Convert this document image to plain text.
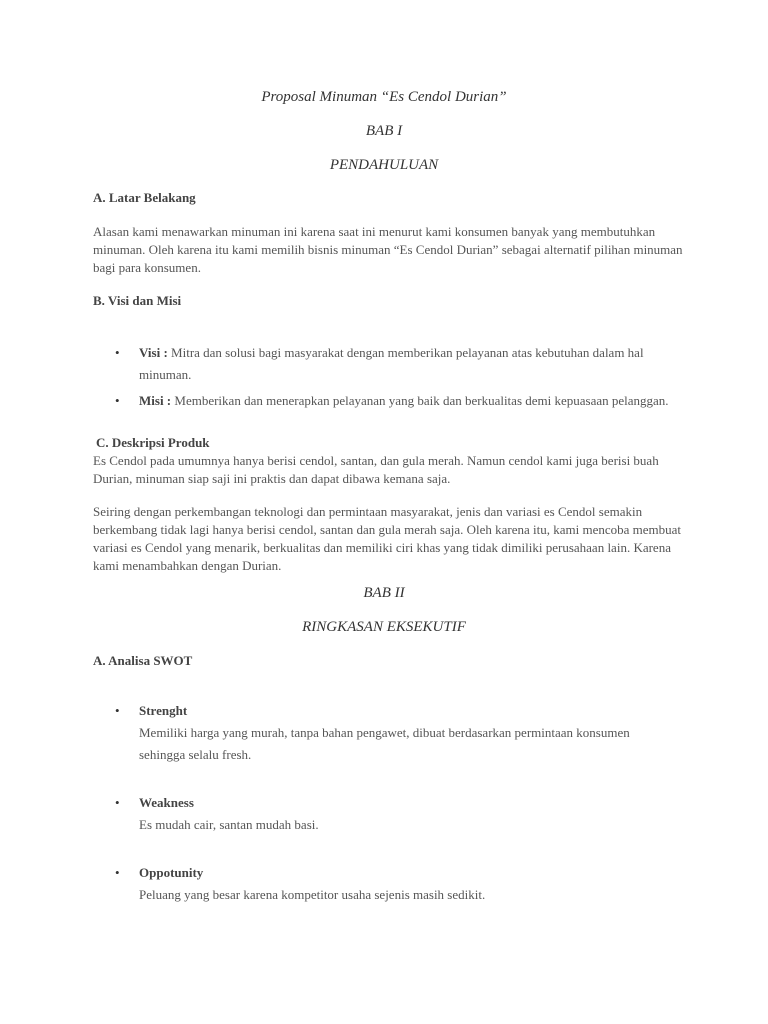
Proposal Minuman “Es Cendol Durian”
BAB I
PENDAHULUAN
A. Latar Belakang
Alasan kami menawarkan minuman ini karena saat ini menurut kami konsumen banyak yang membutuhkan minuman. Oleh karena itu kami memilih bisnis minuman “Es Cendol Durian” sebagai alternatif pilihan minuman bagi para konsumen.
B. Visi dan Misi
• Visi : Mitra dan solusi bagi masyarakat dengan memberikan pelayanan atas kebutuhan dalam hal minuman.
• Misi : Memberikan dan menerapkan pelayanan yang baik dan berkualitas demi kepuasaan pelanggan.
C. Deskripsi Produk
Es Cendol pada umumnya hanya berisi cendol, santan, dan gula merah. Namun cendol kami juga berisi buah Durian, minuman siap saji ini praktis dan dapat dibawa kemana saja.
Seiring dengan perkembangan teknologi dan permintaan masyarakat, jenis dan variasi es Cendol semakin berkembang tidak lagi hanya berisi cendol, santan dan gula merah saja. Oleh karena itu, kami mencoba membuat variasi es Cendol yang menarik, berkualitas dan memiliki ciri khas yang tidak dimiliki perusahaan lain. Karena kami menambahkan dengan Durian.
BAB II
RINGKASAN EKSEKUTIF
A. Analisa SWOT
• Strenght
Memiliki harga yang murah, tanpa bahan pengawet, dibuat berdasarkan permintaan konsumen sehingga selalu fresh.
• Weakness
Es mudah cair, santan mudah basi.
• Oppotunity
Peluang yang besar karena kompetitor usaha sejenis masih sedikit.
